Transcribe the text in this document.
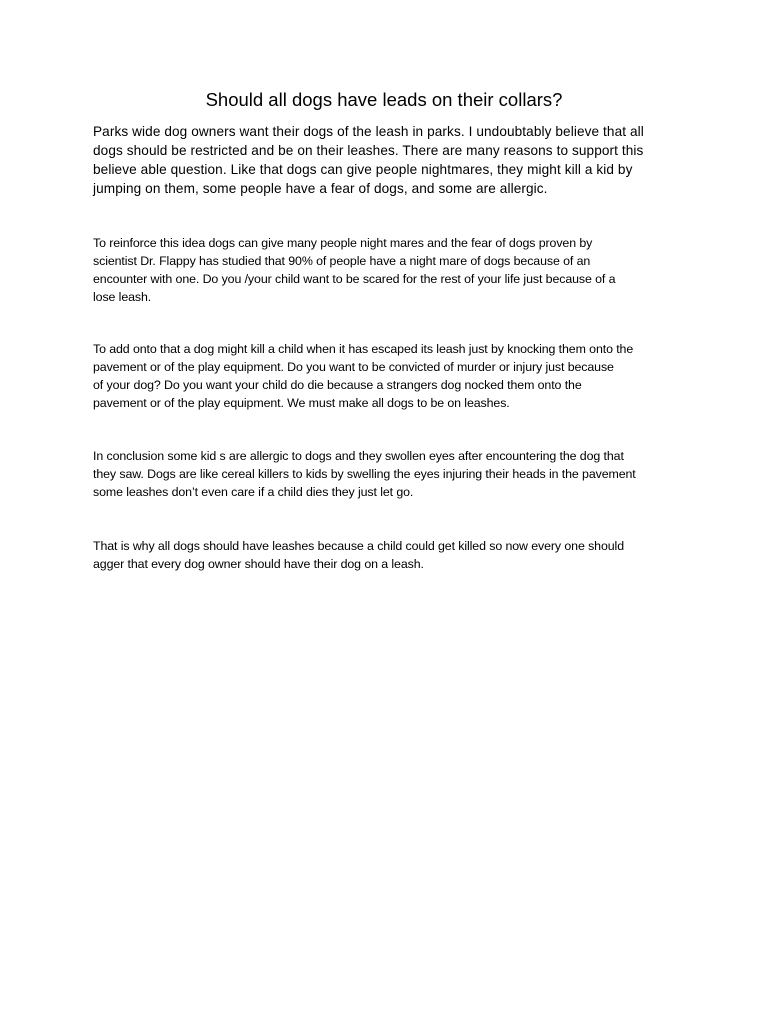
Should all dogs have leads on their collars?

Parks wide dog owners want their dogs of the leash in parks. I undoubtably believe that all
dogs should be restricted and be on their leashes. There are many reasons to support this
believe able question. Like that dogs can give people nightmares, they might kill a kid by
jumping on them, some people have a fear of dogs, and some are allergic.

To reinforce this idea dogs can give many people night mares and the fear of dogs proven by
scientist Dr. Flappy has studied that 90% of people have a night mare of dogs because of an
encounter with one. Do you /your child want to be scared for the rest of your life just because of a
lose leash.

To add onto that a dog might kill a child when it has escaped its leash just by knocking them onto the
pavement or of the play equipment. Do you want to be convicted of murder or injury just because
of your dog? Do you want your child do die because a strangers dog nocked them onto the
pavement or of the play equipment. We must make all dogs to be on leashes.

In conclusion some kid s are allergic to dogs and they swollen eyes after encountering the dog that
they saw. Dogs are like cereal killers to kids by swelling the eyes injuring their heads in the pavement
some leashes don’t even care if a child dies they just let go.

That is why all dogs should have leashes because a child could get killed so now every one should
agger that every dog owner should have their dog on a leash.
